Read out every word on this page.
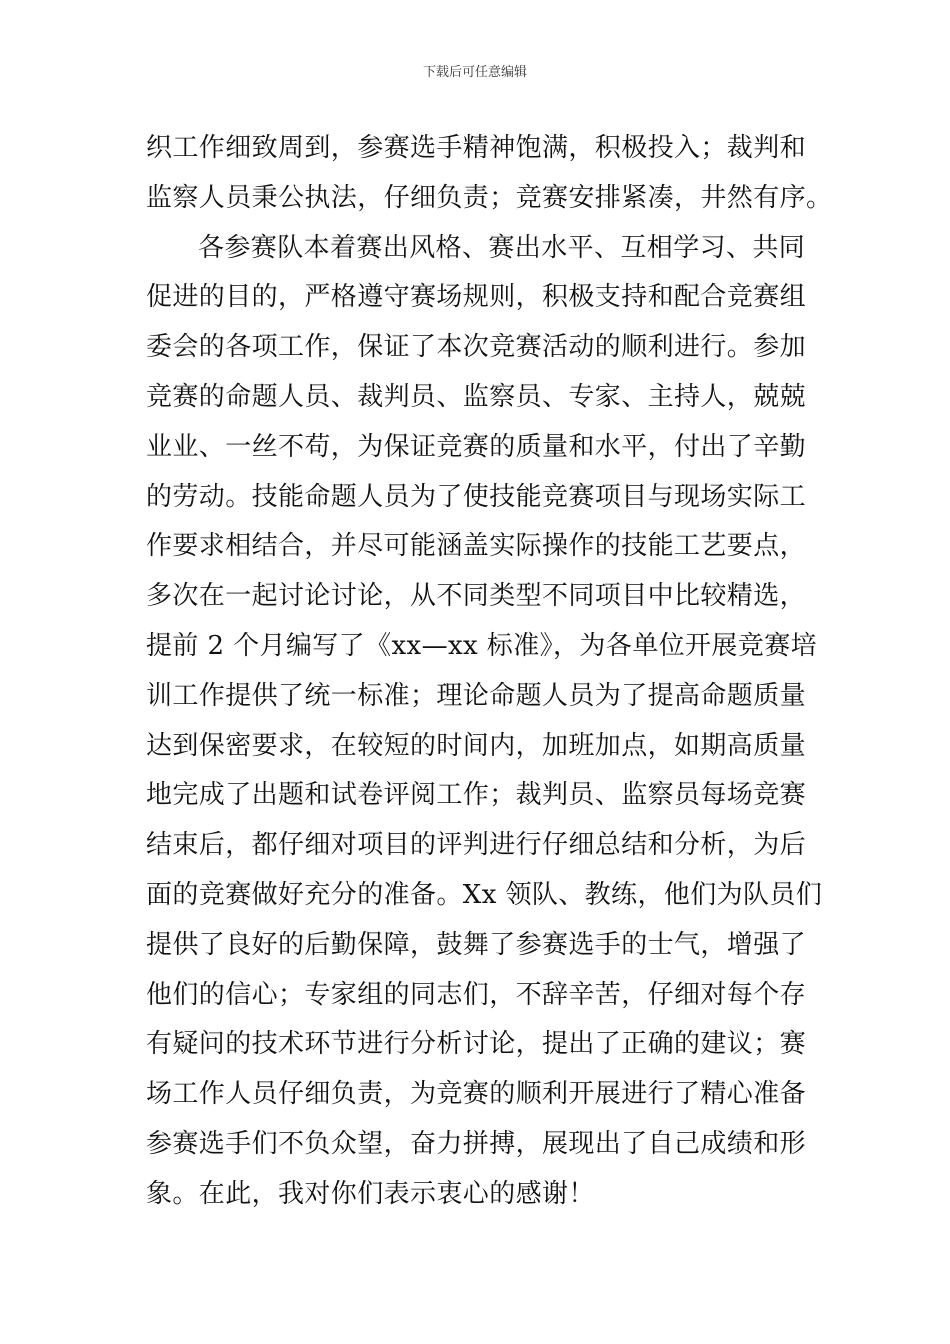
下载后可任意编辑
织工作细致周到，参赛选手精神饱满，积极投入；裁判和
监察人员秉公执法，仔细负责；竞赛安排紧凑，井然有序。
各参赛队本着赛出风格、赛出水平、互相学习、共同
促进的目的，严格遵守赛场规则，积极支持和配合竞赛组
委会的各项工作，保证了本次竞赛活动的顺利进行。参加
竞赛的命题人员、裁判员、监察员、专家、主持人，兢兢
业业、一丝不苟，为保证竞赛的质量和水平，付出了辛勤
的劳动。技能命题人员为了使技能竞赛项目与现场实际工
作要求相结合，并尽可能涵盖实际操作的技能工艺要点，
多次在一起讨论讨论，从不同类型不同项目中比较精选，
提前 2 个月编写了《xx—xx 标准》，为各单位开展竞赛培
训工作提供了统一标准；理论命题人员为了提高命题质量
达到保密要求，在较短的时间内，加班加点，如期高质量
地完成了出题和试卷评阅工作；裁判员、监察员每场竞赛
结束后，都仔细对项目的评判进行仔细总结和分析，为后
面的竞赛做好充分的准备。Xx 领队、教练，他们为队员们
提供了良好的后勤保障，鼓舞了参赛选手的士气，增强了
他们的信心；专家组的同志们，不辞辛苦，仔细对每个存
有疑问的技术环节进行分析讨论，提出了正确的建议；赛
场工作人员仔细负责，为竞赛的顺利开展进行了精心准备
参赛选手们不负众望，奋力拼搏，展现出了自己成绩和形
象。在此，我对你们表示衷心的感谢！
